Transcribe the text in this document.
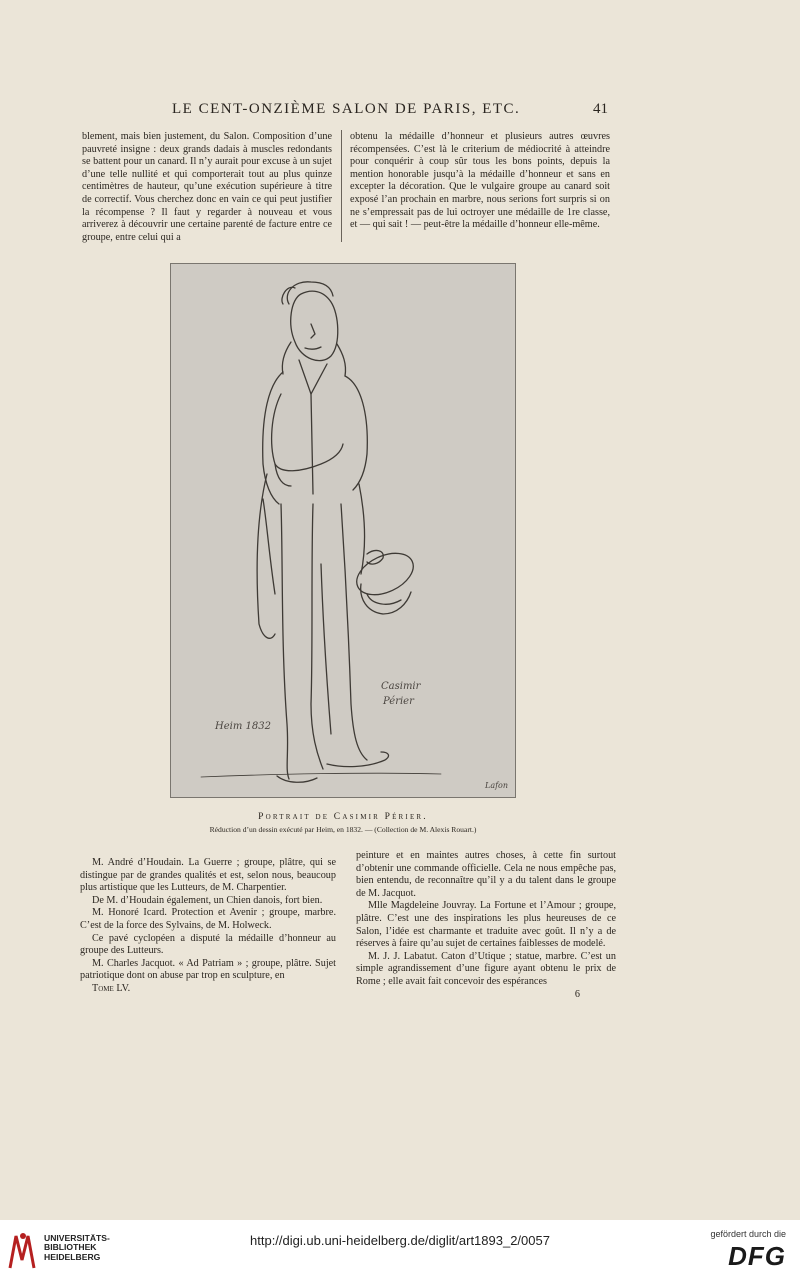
LE CENT-ONZIÈME SALON DE PARIS, ETC.	41

blement, mais bien justement, du Salon. Composition d’une pauvreté insigne : deux grands dadais à muscles redondants se battent pour un canard. Il n’y aurait pour excuse à un sujet d’une telle nullité et qui comporterait tout au plus quinze centimètres de hauteur, qu’une exécution supérieure à titre de correctif. Vous cherchez donc en vain ce qui peut justifier la récompense ? Il faut y regarder à nouveau et vous arriverez à découvrir une certaine parenté de facture entre ce groupe, entre celui qui a

obtenu la médaille d’honneur et plusieurs autres œuvres récompensées. C’est là le criterium de médiocrité à atteindre pour conquérir à coup sûr tous les bons points, depuis la mention honorable jusqu’à la médaille d’honneur et sans en excepter la décoration. Que le vulgaire groupe au canard soit exposé l’an prochain en marbre, nous serions fort surpris si on ne s’empressait pas de lui octroyer une médaille de 1re classe, et — qui sait ! — peut-être la médaille d’honneur elle-même.

Heim 1832
Casimir
Périer
Lafon
Portrait de Casimir Périer.
Réduction d’un dessin exécuté par Heim, en 1832. — (Collection de M. Alexis Rouart.)

M. André d’Houdain. La Guerre ; groupe, plâtre, qui se distingue par de grandes qualités et est, selon nous, beaucoup plus artistique que les Lutteurs, de M. Charpentier.

De M. d’Houdain également, un Chien danois, fort bien.

M. Honoré Icard. Protection et Avenir ; groupe, marbre. C’est de la force des Sylvains, de M. Holweck.

Ce pavé cyclopéen a disputé la médaille d’honneur au groupe des Lutteurs.

M. Charles Jacquot. « Ad Patriam » ; groupe, plâtre. Sujet patriotique dont on abuse par trop en sculpture, en

Tome LV.

peinture et en maintes autres choses, à cette fin surtout d’obtenir une commande officielle. Cela ne nous empêche pas, bien entendu, de reconnaître qu’il y a du talent dans le groupe de M. Jacquot.

Mlle Magdeleine Jouvray. La Fortune et l’Amour ; groupe, plâtre. C’est une des inspirations les plus heureuses de ce Salon, l’idée est charmante et traduite avec goût. Il n’y a de réserves à faire qu’au sujet de certaines faiblesses de modelé.

M. J. J. Labatut. Caton d’Utique ; statue, marbre. C’est un simple agrandissement d’une figure ayant obtenu le prix de Rome ; elle avait fait concevoir des espérances

6

UNIVERSITÄTS-
BIBLIOTHEK
HEIDELBERG
http://digi.ub.uni-heidelberg.de/diglit/art1893_2/0057	gefördert durch die
DFG
